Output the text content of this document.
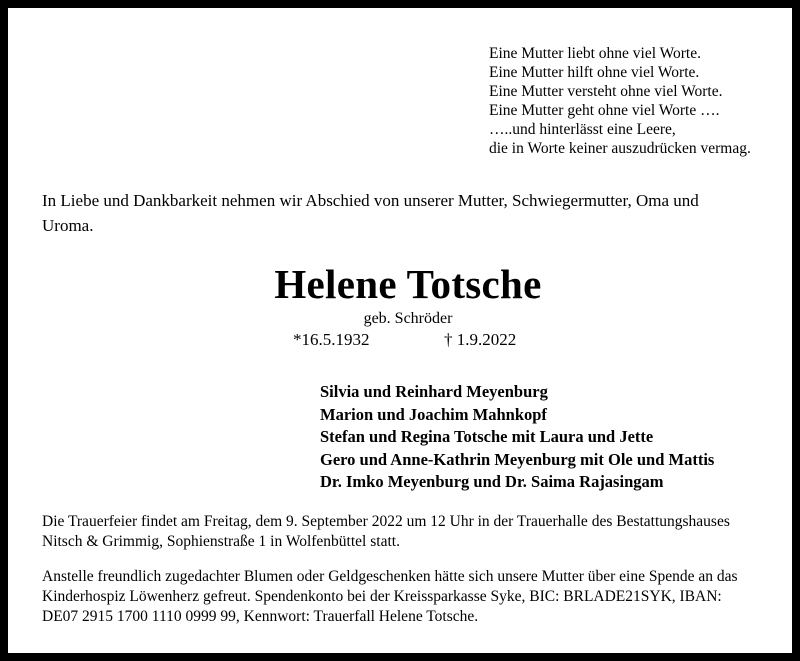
Eine Mutter liebt ohne viel Worte.
Eine Mutter hilft ohne viel Worte.
Eine Mutter versteht ohne viel Worte.
Eine Mutter geht ohne viel Worte ….
…..und hinterlässt eine Leere,
die in Worte keiner auszudrücken vermag.
In Liebe und Dankbarkeit nehmen wir Abschied von unserer Mutter, Schwiegermutter, Oma und
Uroma.
Helene Totsche
geb. Schröder
*16.5.1932	† 1.9.2022
Silvia und Reinhard Meyenburg
Marion und Joachim Mahnkopf
Stefan und Regina Totsche mit Laura und Jette
Gero und Anne-Kathrin Meyenburg mit Ole und Mattis
Dr. Imko Meyenburg und Dr. Saima Rajasingam
Die Trauerfeier findet am Freitag, dem 9. September 2022 um 12 Uhr in der Trauerhalle des Bestattungshauses
Nitsch & Grimmig, Sophienstraße 1 in Wolfenbüttel statt.
Anstelle freundlich zugedachter Blumen oder Geldgeschenken hätte sich unsere Mutter über eine Spende an das
Kinderhospiz Löwenherz gefreut. Spendenkonto bei der Kreissparkasse Syke, BIC: BRLADE21SYK, IBAN:
DE07 2915 1700 1110 0999 99, Kennwort: Trauerfall Helene Totsche.
